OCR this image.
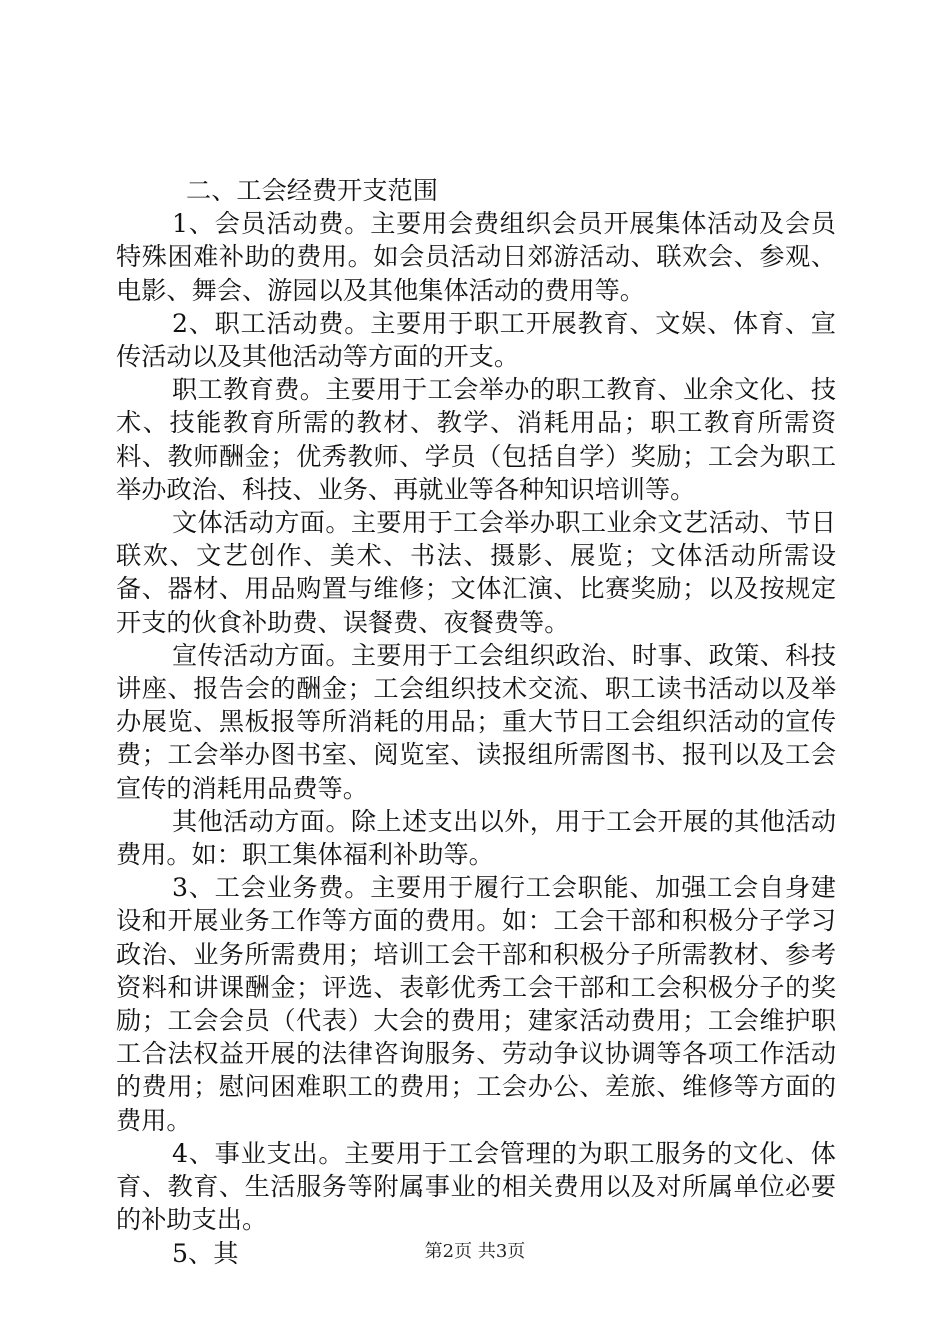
二、工会经费开支范围

1、会员活动费。主要用会费组织会员开展集体活动及会员特殊困难补助的费用。如会员活动日郊游活动、联欢会、参观、电影、舞会、游园以及其他集体活动的费用等。

2、职工活动费。主要用于职工开展教育、文娱、体育、宣传活动以及其他活动等方面的开支。

职工教育费。主要用于工会举办的职工教育、业余文化、技术、技能教育所需的教材、教学、消耗用品；职工教育所需资料、教师酬金；优秀教师、学员（包括自学）奖励；工会为职工举办政治、科技、业务、再就业等各种知识培训等。

文体活动方面。主要用于工会举办职工业余文艺活动、节日联欢、文艺创作、美术、书法、摄影、展览；文体活动所需设备、器材、用品购置与维修；文体汇演、比赛奖励；以及按规定开支的伙食补助费、误餐费、夜餐费等。

宣传活动方面。主要用于工会组织政治、时事、政策、科技讲座、报告会的酬金；工会组织技术交流、职工读书活动以及举办展览、黑板报等所消耗的用品；重大节日工会组织活动的宣传费；工会举办图书室、阅览室、读报组所需图书、报刊以及工会宣传的消耗用品费等。

其他活动方面。除上述支出以外，用于工会开展的其他活动费用。如：职工集体福利补助等。

3、工会业务费。主要用于履行工会职能、加强工会自身建设和开展业务工作等方面的费用。如：工会干部和积极分子学习政治、业务所需费用；培训工会干部和积极分子所需教材、参考资料和讲课酬金；评选、表彰优秀工会干部和工会积极分子的奖励；工会会员（代表）大会的费用；建家活动费用；工会维护职工合法权益开展的法律咨询服务、劳动争议协调等各项工作活动的费用；慰问困难职工的费用；工会办公、差旅、维修等方面的费用。

4、事业支出。主要用于工会管理的为职工服务的文化、体育、教育、生活服务等附属事业的相关费用以及对所属单位必要的补助支出。

5、其	第2页 共3页
